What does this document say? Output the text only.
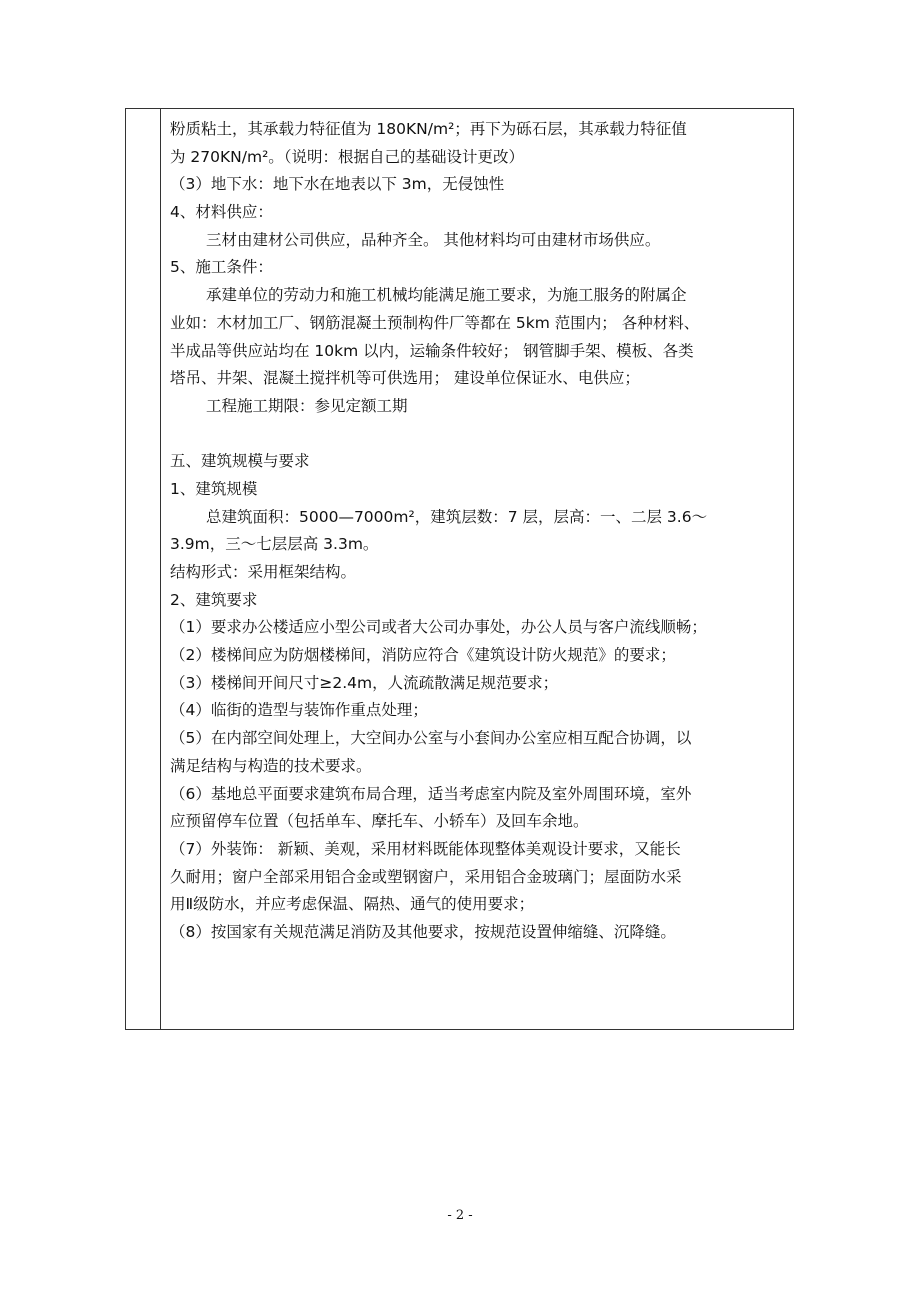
粉质粘土，其承载力特征值为 180KN/m²；再下为砾石层，其承载力特征值
为 270KN/m²。（说明：根据自己的基础设计更改）
（3）地下水：地下水在地表以下 3m，无侵蚀性
4、材料供应：
三材由建材公司供应，品种齐全。 其他材料均可由建材市场供应。
5、施工条件：
承建单位的劳动力和施工机械均能满足施工要求，为施工服务的附属企
业如：木材加工厂、钢筋混凝土预制构件厂等都在 5km 范围内； 各种材料、
半成品等供应站均在 10km 以内，运输条件较好； 钢管脚手架、模板、各类
塔吊、井架、混凝土搅拌机等可供选用； 建设单位保证水、电供应；
工程施工期限：参见定额工期
五、建筑规模与要求
1、建筑规模
总建筑面积：5000—7000m²，建筑层数：7 层，层高：一、二层 3.6～
3.9m，三～七层层高 3.3m。
结构形式：采用框架结构。
2、建筑要求
（1）要求办公楼适应小型公司或者大公司办事处，办公人员与客户流线顺畅；
（2）楼梯间应为防烟楼梯间，消防应符合《建筑设计防火规范》的要求；
（3）楼梯间开间尺寸≥2.4m，人流疏散满足规范要求；
（4）临街的造型与装饰作重点处理；
（5）在内部空间处理上，大空间办公室与小套间办公室应相互配合协调，以
满足结构与构造的技术要求。
（6）基地总平面要求建筑布局合理，适当考虑室内院及室外周围环境，室外
应预留停车位置（包括单车、摩托车、小轿车）及回车余地。
（7）外装饰： 新颖、美观，采用材料既能体现整体美观设计要求，又能长
久耐用；窗户全部采用铝合金或塑钢窗户，采用铝合金玻璃门；屋面防水采
用Ⅱ级防水，并应考虑保温、隔热、通气的使用要求；
（8）按国家有关规范满足消防及其他要求，按规范设置伸缩缝、沉降缝。
- 2 -
